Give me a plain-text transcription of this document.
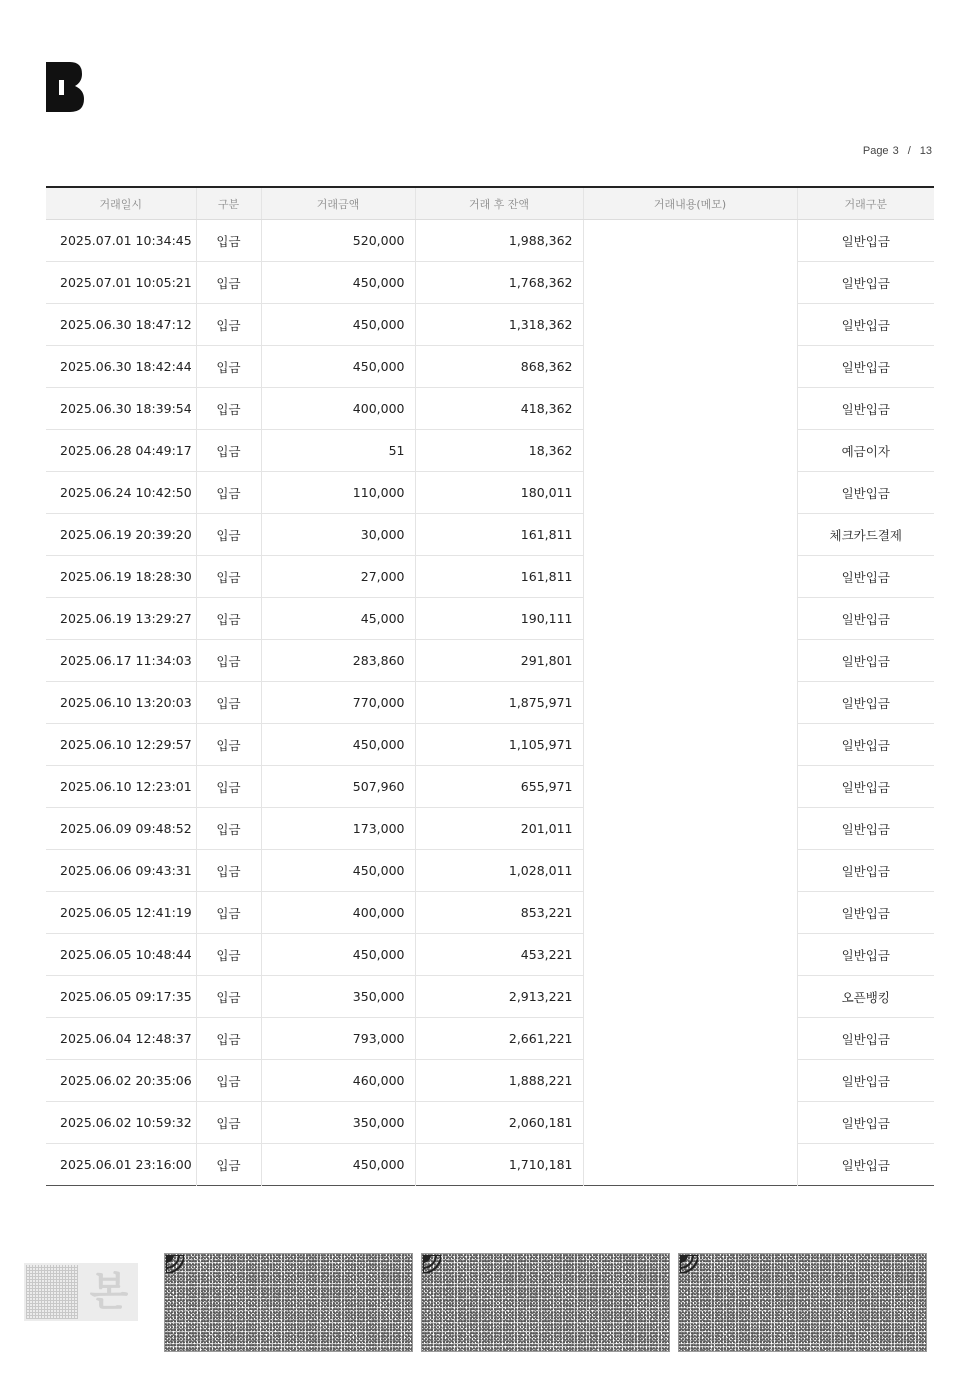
Page 3 / 13
거래일시	구분	거래금액	거래 후 잔액	거래내용(메모)	거래구분
2025.07.01 10:34:45	입금	520,000	1,988,362		일반입금
2025.07.01 10:05:21	입금	450,000	1,768,362		일반입금
2025.06.30 18:47:12	입금	450,000	1,318,362		일반입금
2025.06.30 18:42:44	입금	450,000	868,362		일반입금
2025.06.30 18:39:54	입금	400,000	418,362		일반입금
2025.06.28 04:49:17	입금	51	18,362		예금이자
2025.06.24 10:42:50	입금	110,000	180,011		일반입금
2025.06.19 20:39:20	입금	30,000	161,811		체크카드결제
2025.06.19 18:28:30	입금	27,000	161,811		일반입금
2025.06.19 13:29:27	입금	45,000	190,111		일반입금
2025.06.17 11:34:03	입금	283,860	291,801		일반입금
2025.06.10 13:20:03	입금	770,000	1,875,971		일반입금
2025.06.10 12:29:57	입금	450,000	1,105,971		일반입금
2025.06.10 12:23:01	입금	507,960	655,971		일반입금
2025.06.09 09:48:52	입금	173,000	201,011		일반입금
2025.06.06 09:43:31	입금	450,000	1,028,011		일반입금
2025.06.05 12:41:19	입금	400,000	853,221		일반입금
2025.06.05 10:48:44	입금	450,000	453,221		일반입금
2025.06.05 09:17:35	입금	350,000	2,913,221		오픈뱅킹
2025.06.04 12:48:37	입금	793,000	2,661,221		일반입금
2025.06.02 20:35:06	입금	460,000	1,888,221		일반입금
2025.06.02 10:59:32	입금	350,000	2,060,181		일반입금
2025.06.01 23:16:00	입금	450,000	1,710,181		일반입금
본
